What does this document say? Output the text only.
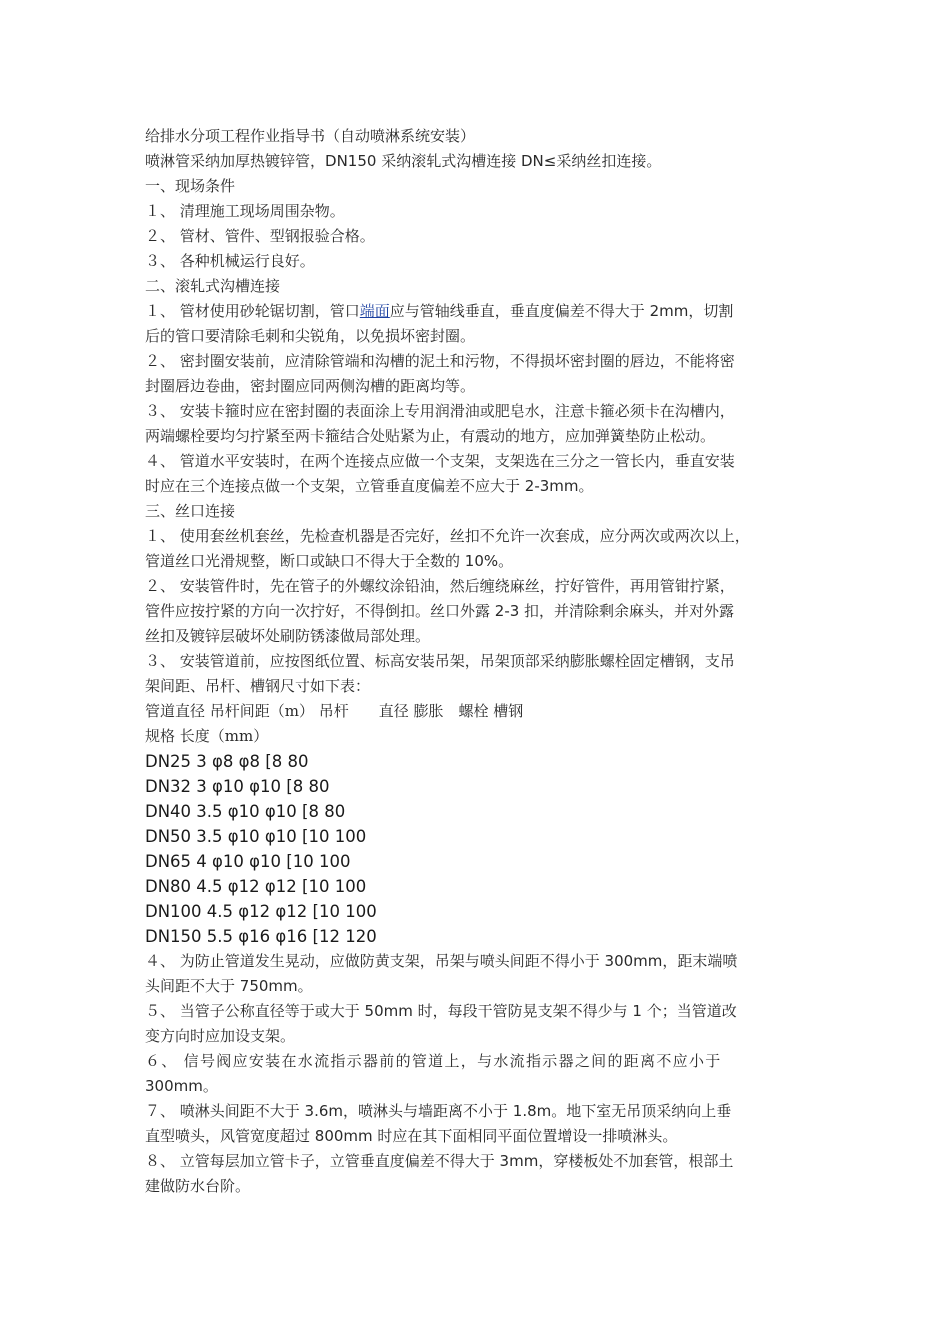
给排水分项工程作业指导书（自动喷淋系统安装）
喷淋管采纳加厚热镀锌管，DN150 采纳滚轧式沟槽连接 DN≤采纳丝扣连接。
一、现场条件
１、 清理施工现场周围杂物。
２、 管材、管件、型钢报验合格。
３、 各种机械运行良好。
二、滚轧式沟槽连接
１、 管材使用砂轮锯切割，管口端面应与管轴线垂直，垂直度偏差不得大于 2mm，切割
后的管口要清除毛刺和尖锐角，以免损坏密封圈。
２、 密封圈安装前，应清除管端和沟槽的泥土和污物，不得损坏密封圈的唇边，不能将密
封圈唇边卷曲，密封圈应同两侧沟槽的距离均等。
３、 安装卡箍时应在密封圈的表面涂上专用润滑油或肥皂水，注意卡箍必须卡在沟槽内，
两端螺栓要均匀拧紧至两卡箍结合处贴紧为止，有震动的地方，应加弹簧垫防止松动。
４、 管道水平安装时，在两个连接点应做一个支架，支架选在三分之一管长内，垂直安装
时应在三个连接点做一个支架，立管垂直度偏差不应大于 2-3mm。
三、丝口连接
１、 使用套丝机套丝，先检查机器是否完好，丝扣不允许一次套成，应分两次或两次以上，
管道丝口光滑规整，断口或缺口不得大于全数的 10%。
２、 安装管件时，先在管子的外螺纹涂铅油，然后缠绕麻丝，拧好管件，再用管钳拧紧，
管件应按拧紧的方向一次拧好，不得倒扣。丝口外露 2-3 扣，并清除剩余麻头，并对外露
丝扣及镀锌层破坏处刷防锈漆做局部处理。
３、 安装管道前，应按图纸位置、标高安装吊架，吊架顶部采纳膨胀螺栓固定槽钢，支吊
架间距、吊杆、槽钢尺寸如下表：
管道直径 吊杆间距（m） 吊杆　　直径 膨胀　螺栓 槽钢
规格 长度（mm）
DN25 3 φ8 φ8 [8 80
DN32 3 φ10 φ10 [8 80
DN40 3.5 φ10 φ10 [8 80
DN50 3.5 φ10 φ10 [10 100
DN65 4 φ10 φ10 [10 100
DN80 4.5 φ12 φ12 [10 100
DN100 4.5 φ12 φ12 [10 100
DN150 5.5 φ16 φ16 [12 120
４、 为防止管道发生晃动，应做防黄支架，吊架与喷头间距不得小于 300mm，距末端喷
头间距不大于 750mm。
５、 当管子公称直径等于或大于 50mm 时，每段干管防晃支架不得少与 1 个；当管道改
变方向时应加设支架。
６、 信号阀应安装在水流指示器前的管道上，与水流指示器之间的距离不应小于
300mm。
７、 喷淋头间距不大于 3.6m，喷淋头与墙距离不小于 1.8m。地下室无吊顶采纳向上垂
直型喷头，风管宽度超过 800mm 时应在其下面相同平面位置增设一排喷淋头。
８、 立管每层加立管卡子，立管垂直度偏差不得大于 3mm，穿楼板处不加套管，根部土
建做防水台阶。
